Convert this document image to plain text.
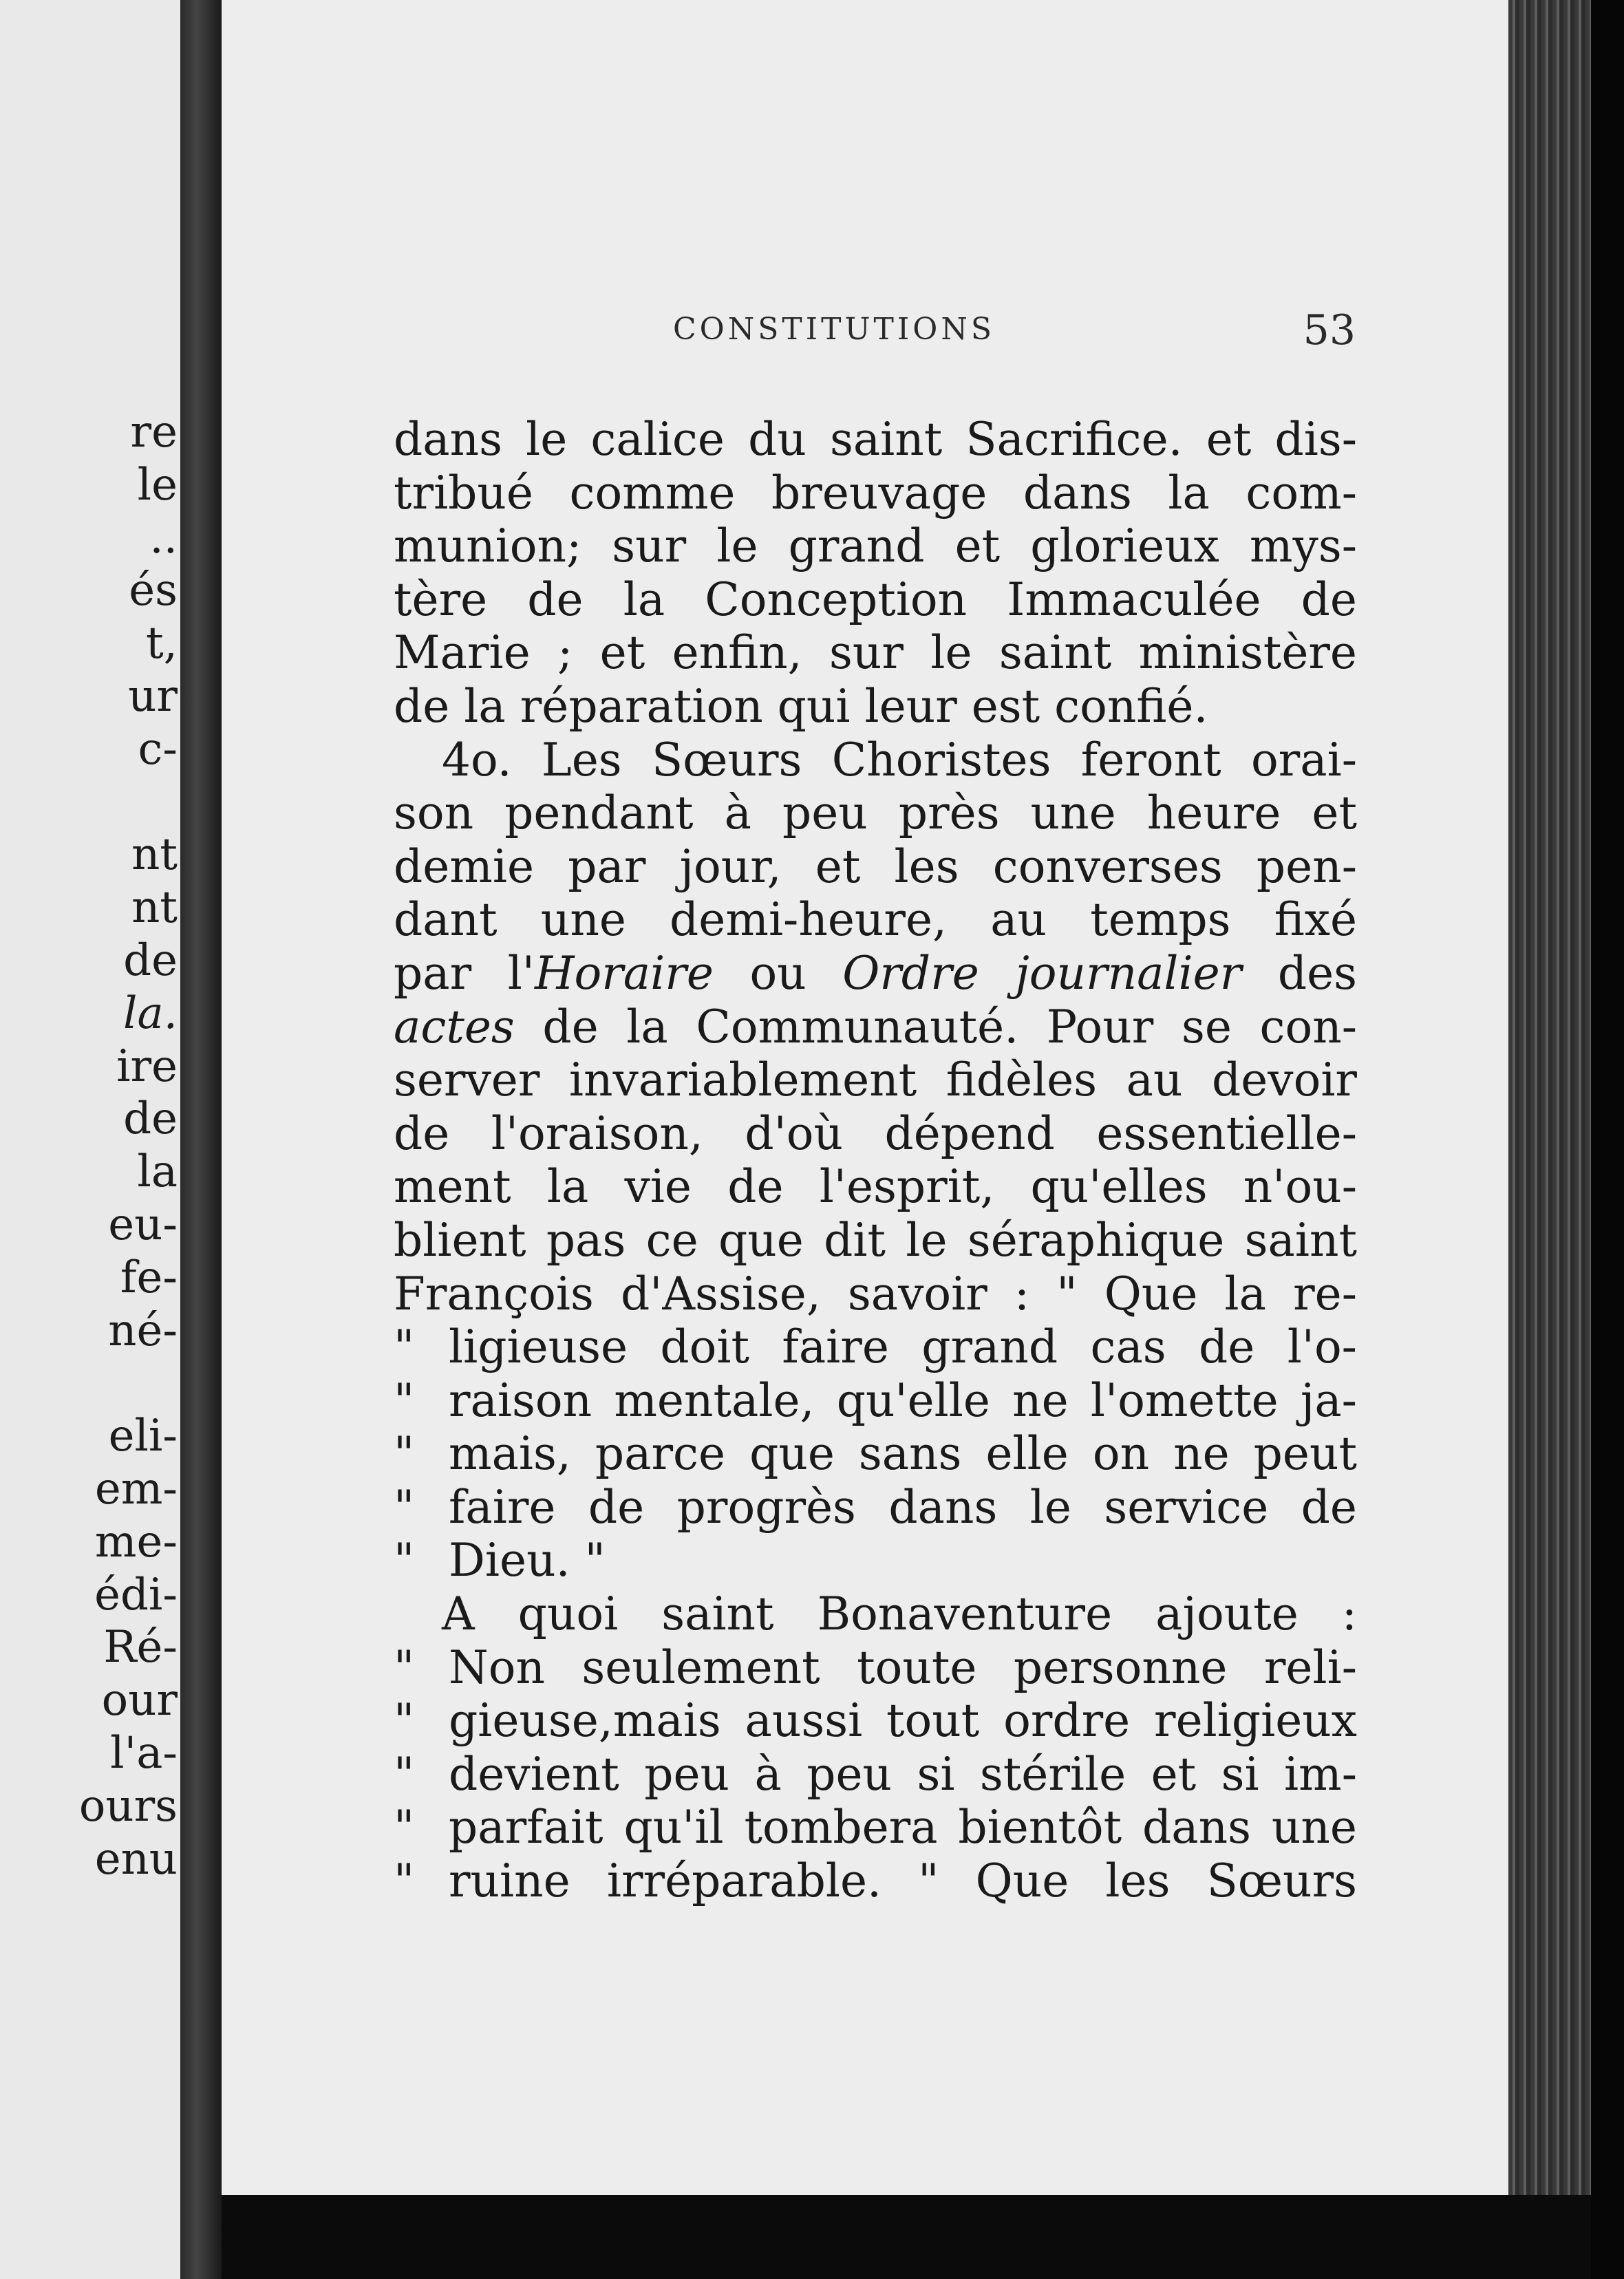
re
le
..
és
t,
ur
c-
nt
nt
de
la.
ire
de
la
eu-
fe-
né-
eli-
em-
me-
édi-
Ré-
our
l'a-
ours
enu
CONSTITUTIONS	53
dans le calice du saint Sacrifice. et dis-
tribué comme breuvage dans la com-
munion; sur le grand et glorieux mys-
tère de la Conception Immaculée de
Marie ; et enfin, sur le saint ministère
de la réparation qui leur est confié.
4o. Les Sœurs Choristes feront orai-
son pendant à peu près une heure et
demie par jour, et les converses pen-
dant une demi-heure, au temps fixé
par l'Horaire ou Ordre journalier des
actes de la Communauté. Pour se con-
server invariablement fidèles au devoir
de l'oraison, d'où dépend essentielle-
ment la vie de l'esprit, qu'elles n'ou-
blient pas ce que dit le séraphique saint
François d'Assise, savoir : " Que la re-
" ligieuse doit faire grand cas de l'o-
" raison mentale, qu'elle ne l'omette ja-
" mais, parce que sans elle on ne peut
" faire de progrès dans le service de
" Dieu. "
A quoi saint Bonaventure ajoute :
" Non seulement toute personne reli-
" gieuse,mais aussi tout ordre religieux
" devient peu à peu si stérile et si im-
" parfait qu'il tombera bientôt dans une
" ruine irréparable. " Que les Sœurs
